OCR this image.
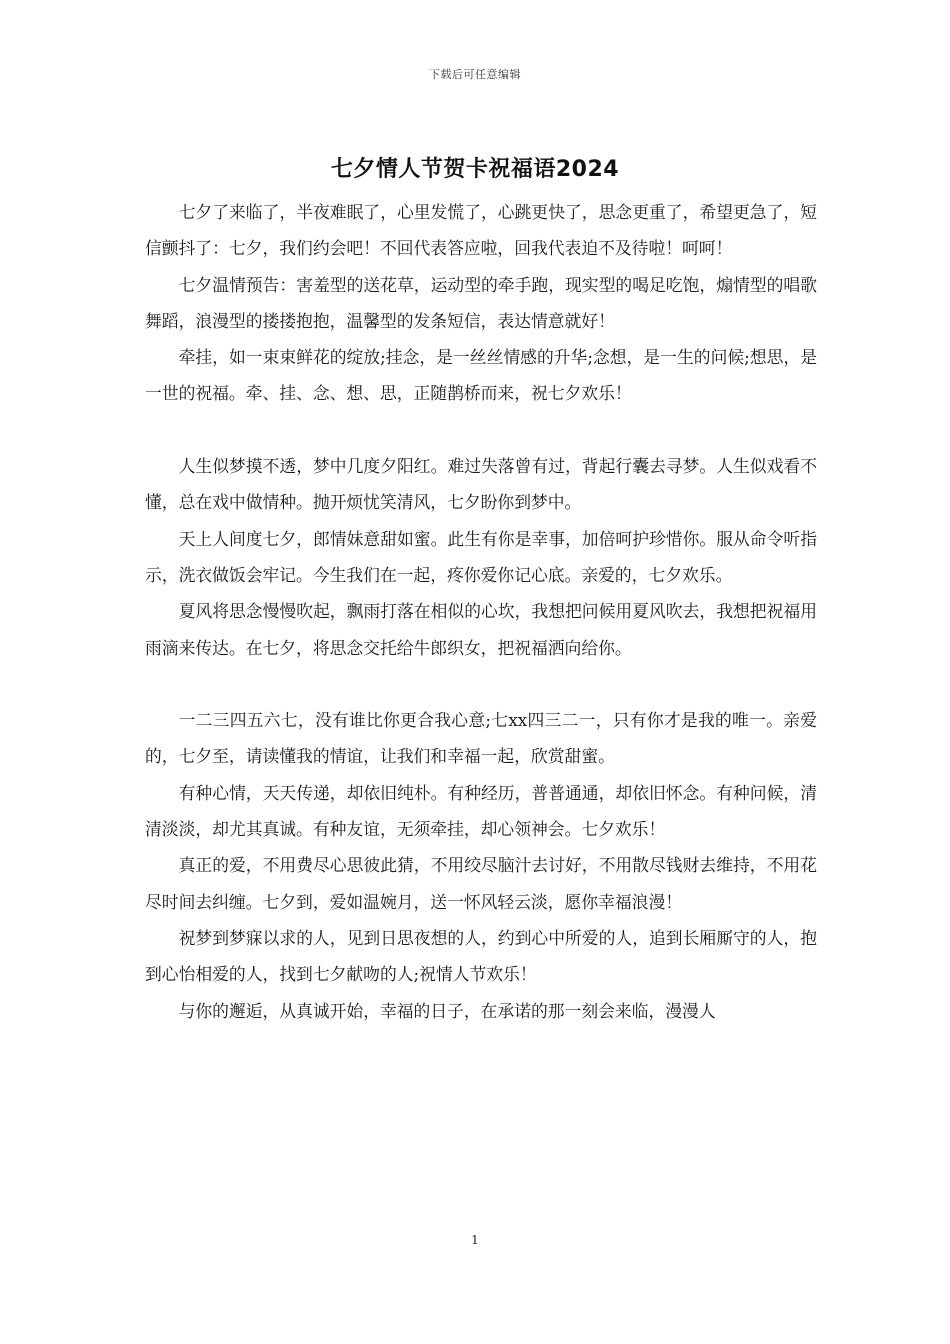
下载后可任意编辑
七夕情人节贺卡祝福语2024

七夕了来临了，半夜难眠了，心里发慌了，心跳更快了，思念更重了，希望更急了，短信颤抖了：七夕，我们约会吧！不回代表答应啦，回我代表迫不及待啦！呵呵！

七夕温情预告：害羞型的送花草，运动型的牵手跑，现实型的喝足吃饱，煽情型的唱歌舞蹈，浪漫型的搂搂抱抱，温馨型的发条短信，表达情意就好！

牵挂，如一束束鲜花的绽放;挂念，是一丝丝情感的升华;念想，是一生的问候;想思，是一世的祝福。牵、挂、念、想、思，正随鹊桥而来，祝七夕欢乐！

人生似梦摸不透，梦中几度夕阳红。难过失落曾有过，背起行囊去寻梦。人生似戏看不懂，总在戏中做情种。抛开烦忧笑清风，七夕盼你到梦中。

天上人间度七夕，郎情妹意甜如蜜。此生有你是幸事，加倍呵护珍惜你。服从命令听指示，洗衣做饭会牢记。今生我们在一起，疼你爱你记心底。亲爱的，七夕欢乐。

夏风将思念慢慢吹起，飘雨打落在相似的心坎，我想把问候用夏风吹去，我想把祝福用雨滴来传达。在七夕，将思念交托给牛郎织女，把祝福洒向给你。

一二三四五六七，没有谁比你更合我心意;七xx四三二一，只有你才是我的唯一。亲爱的，七夕至，请读懂我的情谊，让我们和幸福一起，欣赏甜蜜。

有种心情，天天传递，却依旧纯朴。有种经历，普普通通，却依旧怀念。有种问候，清清淡淡，却尤其真诚。有种友谊，无须牵挂，却心领神会。七夕欢乐！

真正的爱，不用费尽心思彼此猜，不用绞尽脑汁去讨好，不用散尽钱财去维持，不用花尽时间去纠缠。七夕到，爱如温婉月，送一怀风轻云淡，愿你幸福浪漫！

祝梦到梦寐以求的人，见到日思夜想的人，约到心中所爱的人，追到长厢厮守的人，抱到心怡相爱的人，找到七夕献吻的人;祝情人节欢乐！

与你的邂逅，从真诚开始，幸福的日子，在承诺的那一刻会来临，漫漫人

1
